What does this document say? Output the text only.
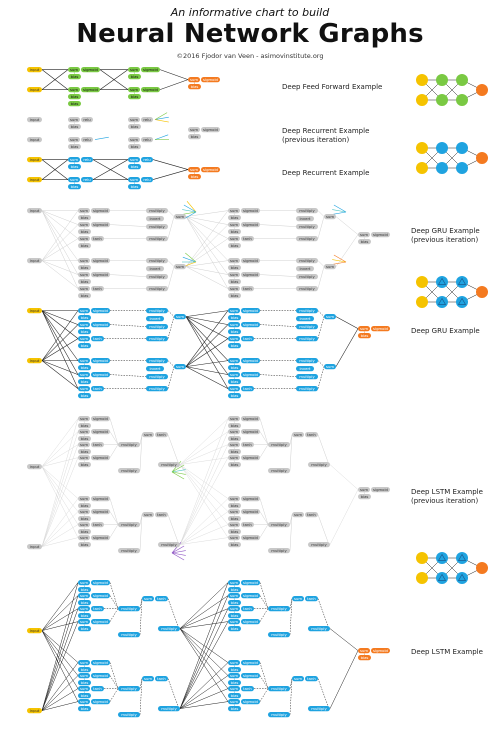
input
input
sum sigmoid
bias
sum sigmoid
bias
sum sigmoid
bias
sum sigmoid
bias
sum sigmoid
bias
bias
input
input
sum relu
bias
sum relu
bias
sum relu
bias
sum relu
bias
sum sigmoid
bias
input
input
sum relu
bias
sum relu
bias
sum relu
bias
sum relu
bias
sum sigmoid
bias
sum sigmoid
bias
sum sigmoid
bias
sum tanh
bias
multiply
invert
multiply
multiply
sum
sum sigmoid
bias
sum sigmoid
bias
sum tanh
bias
multiply
invert
multiply
multiply
sum
sum sigmoid
bias
sum sigmoid
bias
sum tanh
bias
multiply
invert
multiply
multiply
sum
sum sigmoid
bias
sum sigmoid
bias
sum tanh
bias
multiply
invert
multiply
multiply
sum
input
input
sum sigmoid
bias
sum sigmoid
bias
sum sigmoid
bias
sum tanh
bias
multiply
invert
multiply
multiply
sum
sum sigmoid
bias
sum sigmoid
bias
sum tanh
bias
multiply
invert
multiply
multiply
sum
sum sigmoid
bias
sum sigmoid
bias
sum tanh
bias
multiply
invert
multiply
multiply
sum
sum sigmoid
bias
sum sigmoid
bias
sum tanh
bias
multiply
invert
multiply
multiply
sum
input
input
sum sigmoid
bias
sum sigmoid
bias
sum sigmoid
bias
sum tanh
bias
sum sigmoid
bias
multiply
multiply
sum tanh
multiply
sum sigmoid
bias
sum sigmoid
bias
sum tanh
bias
sum sigmoid
bias
multiply
multiply
sum tanh
multiply
sum sigmoid
bias
sum sigmoid
bias
sum tanh
bias
sum sigmoid
bias
multiply
multiply
sum tanh
multiply
sum sigmoid
bias
sum sigmoid
bias
sum tanh
bias
sum sigmoid
bias
multiply
multiply
sum tanh
multiply
input
input
sum sigmoid
bias
sum sigmoid
bias
sum sigmoid
bias
sum tanh
bias
sum sigmoid
bias
multiply
multiply
sum tanh
multiply
sum sigmoid
bias
sum sigmoid
bias
sum tanh
bias
sum sigmoid
bias
multiply
multiply
sum tanh
multiply
sum sigmoid
bias
sum sigmoid
bias
sum tanh
bias
sum sigmoid
bias
multiply
multiply
sum tanh
multiply
sum sigmoid
bias
sum sigmoid
bias
sum tanh
bias
sum sigmoid
bias
multiply
multiply
sum tanh
multiply
input
input
sum sigmoid
bias
An informative chart to build
Neural Network Graphs
©2016 Fjodor van Veen - asimovinstitute.org
Deep Feed Forward Example
Deep Recurrent Example (previous iteration)
Deep Recurrent Example
Deep GRU Example (previous iteration)
Deep GRU Example
Deep LSTM Example (previous iteration)
Deep LSTM Example
